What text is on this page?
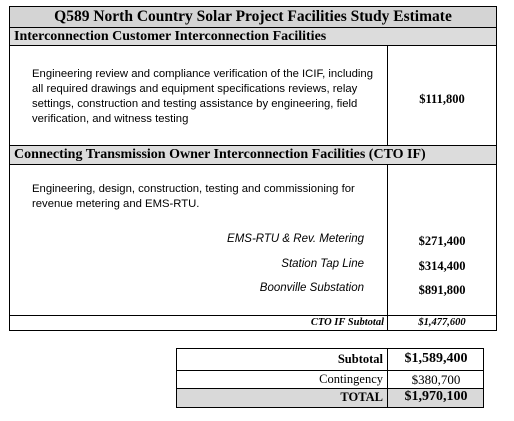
Q589 North Country Solar Project Facilities Study Estimate
Interconnection Customer Interconnection Facilities
Engineering review and compliance verification of the ICIF, including all required drawings and equipment specifications reviews, relay settings, construction and testing assistance by engineering, field verification, and witness testing
$111,800
Connecting Transmission Owner Interconnection Facilities (CTO IF)
Engineering, design, construction, testing and commissioning for revenue metering and EMS-RTU.
EMS-RTU & Rev. Metering	$271,400
Station Tap Line	$314,400
Boonville Substation	$891,800
CTO IF Subtotal	$1,477,600
Subtotal	$1,589,400
Contingency	$380,700
TOTAL	$1,970,100
